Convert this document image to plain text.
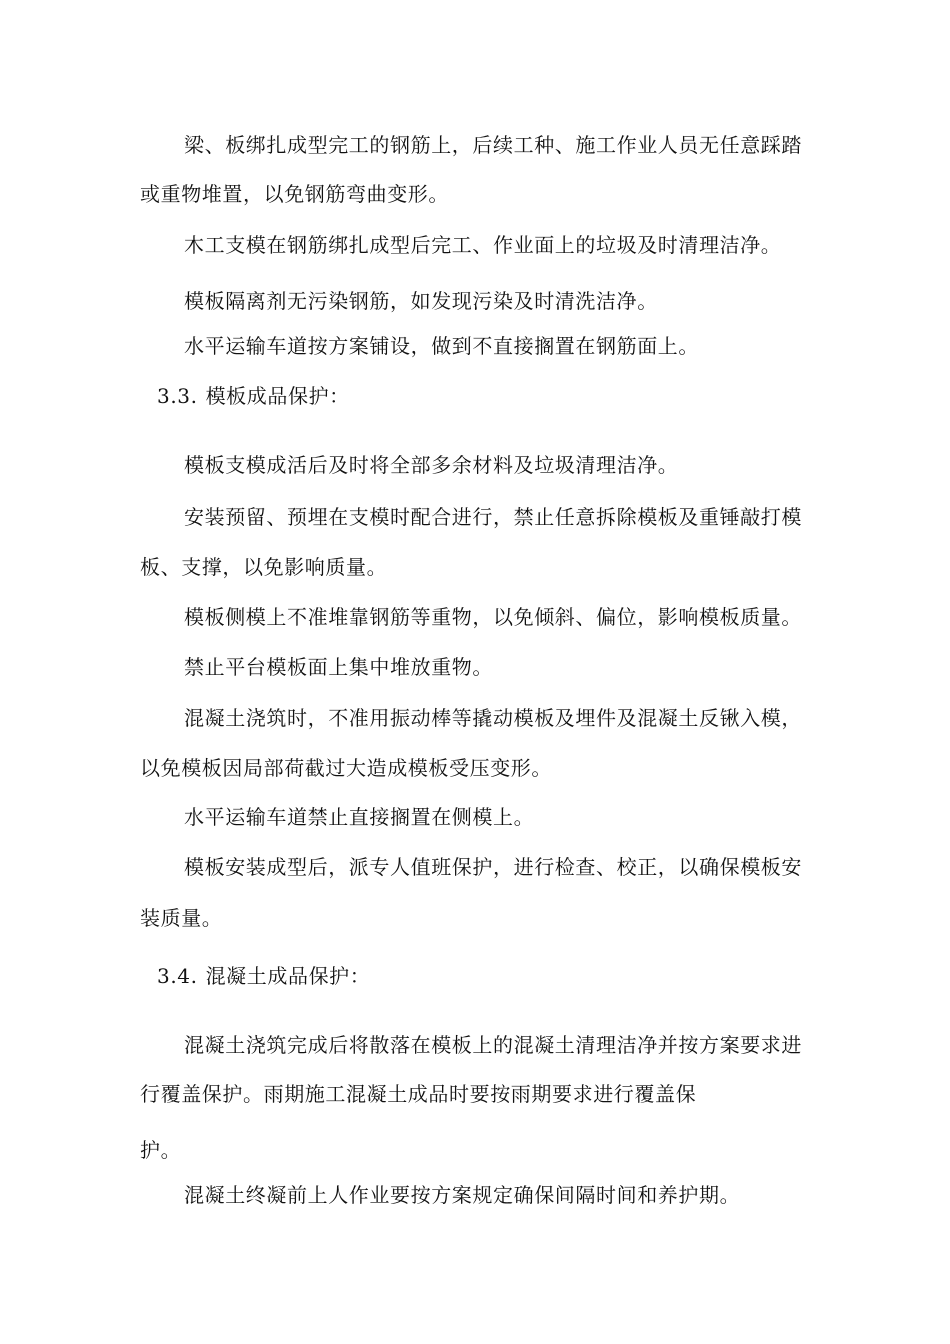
梁、板绑扎成型完工的钢筋上，后续工种、施工作业人员无任意踩踏
或重物堆置，以免钢筋弯曲变形。
木工支模在钢筋绑扎成型后完工、作业面上的垃圾及时清理洁净。
模板隔离剂无污染钢筋，如发现污染及时清洗洁净。
水平运输车道按方案铺设，做到不直接搁置在钢筋面上。
3.3. 模板成品保护：
模板支模成活后及时将全部多余材料及垃圾清理洁净。
安装预留、预埋在支模时配合进行，禁止任意拆除模板及重锤敲打模
板、支撑，以免影响质量。
模板侧模上不准堆靠钢筋等重物，以免倾斜、偏位，影响模板质量。
禁止平台模板面上集中堆放重物。
混凝土浇筑时，不准用振动棒等撬动模板及埋件及混凝土反锹入模，
以免模板因局部荷截过大造成模板受压变形。
水平运输车道禁止直接搁置在侧模上。
模板安装成型后，派专人值班保护，进行检查、校正，以确保模板安
装质量。
3.4. 混凝土成品保护：
混凝土浇筑完成后将散落在模板上的混凝土清理洁净并按方案要求进
行覆盖保护。雨期施工混凝土成品时要按雨期要求进行覆盖保
护。
混凝土终凝前上人作业要按方案规定确保间隔时间和养护期。
